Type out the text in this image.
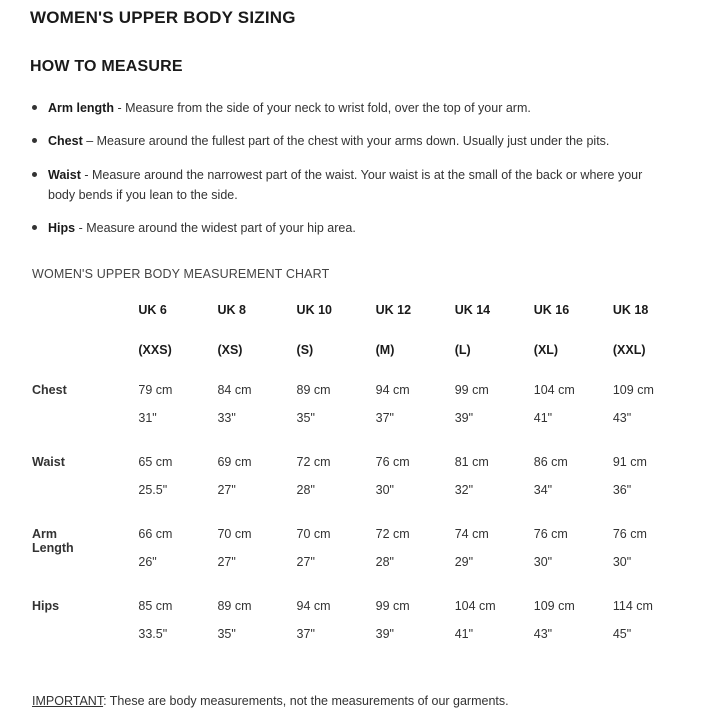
WOMEN'S UPPER BODY SIZING
HOW TO MEASURE
Arm length - Measure from the side of your neck to wrist fold, over the top of your arm.
Chest – Measure around the fullest part of the chest with your arms down. Usually just under the pits.
Waist - Measure around the narrowest part of the waist. Your waist is at the small of the back or where your body bends if you lean to the side.
Hips - Measure around the widest part of your hip area.
WOMEN'S UPPER BODY MEASUREMENT CHART
	UK 6	UK 8	UK 10	UK 12	UK 14	UK 16	UK 18
	(XXS)	(XS)	(S)	(M)	(L)	(XL)	(XXL)
Chest	79 cm	84 cm	89 cm	94 cm	99 cm	104 cm	109 cm
	31"	33"	35"	37"	39"	41"	43"
Waist	65 cm	69 cm	72 cm	76 cm	81 cm	86 cm	91 cm
	25.5"	27"	28"	30"	32"	34"	36"
Arm
Length	66 cm	70 cm	70 cm	72 cm	74 cm	76 cm	76 cm
	26"	27"	27"	28"	29"	30"	30"
Hips	85 cm	89 cm	94 cm	99 cm	104 cm	109 cm	114 cm
	33.5"	35"	37"	39"	41"	43"	45"
IMPORTANT: These are body measurements, not the measurements of our garments.
